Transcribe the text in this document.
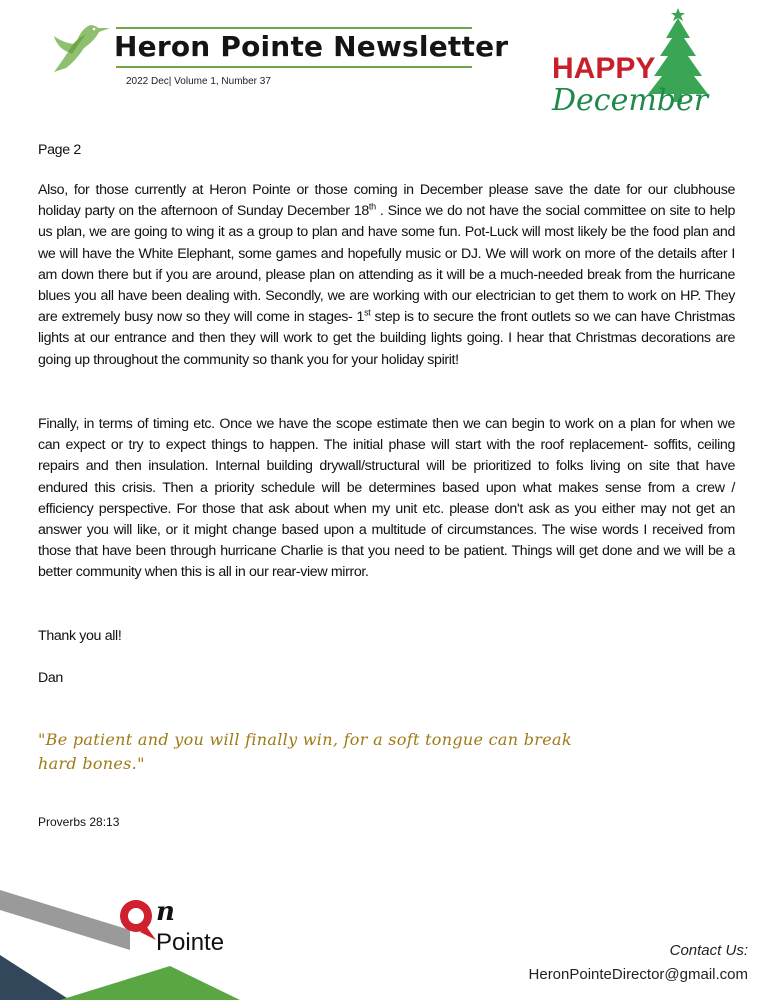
Heron Pointe Newsletter
2022 Dec| Volume 1, Number 37	HAPPY
December
Page 2
Also, for those currently at Heron Pointe or those coming in December please save the date for our clubhouse holiday party on the afternoon of Sunday December 18th . Since we do not have the social committee on site to help us plan, we are going to wing it as a group to plan and have some fun. Pot-Luck will most likely be the food plan and we will have the White Elephant, some games and hopefully music or DJ. We will work on more of the details after I am down there but if you are around, please plan on attending as it will be a much-needed break from the hurricane blues you all have been dealing with. Secondly, we are working with our electrician to get them to work on HP. They are extremely busy now so they will come in stages- 1st step is to secure the front outlets so we can have Christmas lights at our entrance and then they will work to get the building lights going. I hear that Christmas decorations are going up throughout the community so thank you for your holiday spirit!
Finally, in terms of timing etc. Once we have the scope estimate then we can begin to work on a plan for when we can expect or try to expect things to happen. The initial phase will start with the roof replacement- soffits, ceiling repairs and then insulation. Internal building drywall/structural will be prioritized to folks living on site that have endured this crisis. Then a priority schedule will be determines based upon what makes sense from a crew / efficiency perspective. For those that ask about when my unit etc. please don't ask as you either may not get an answer you will like, or it might change based upon a multitude of circumstances. The wise words I received from those that have been through hurricane Charlie is that you need to be patient. Things will get done and we will be a better community when this is all in our rear-view mirror.
Thank you all!
Dan
"Be patient and you will finally win, for a soft tongue can break hard bones."
Proverbs 28:13
n
Pointe	Contact Us:
HeronPointeDirector@gmail.com
